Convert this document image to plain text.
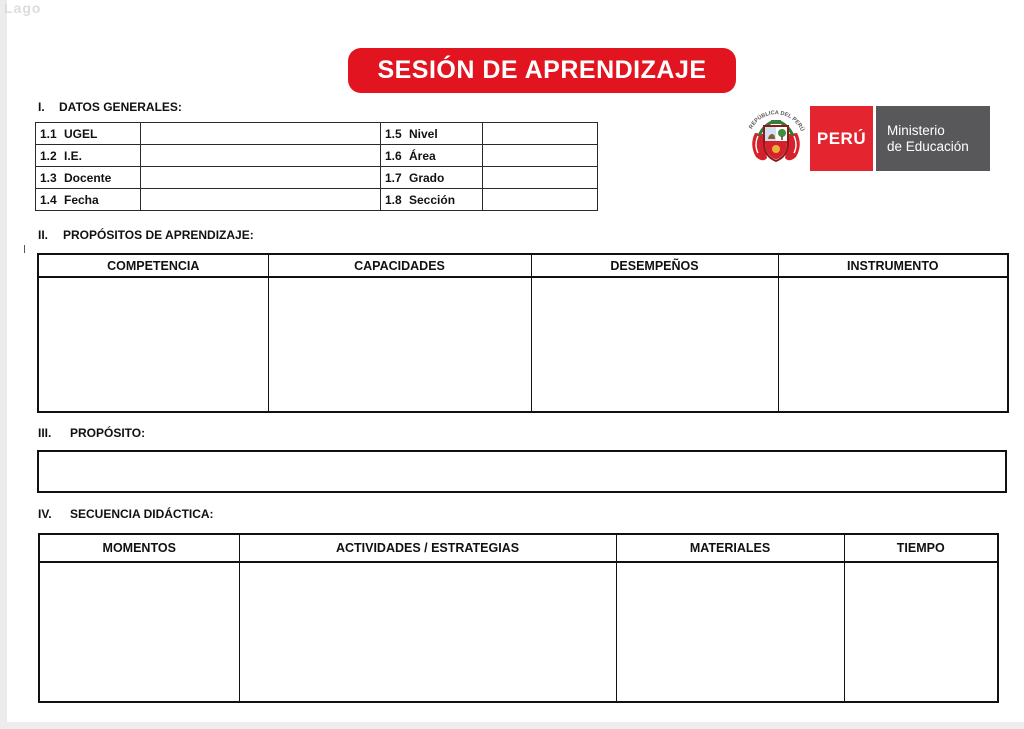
Lago
SESIÓN DE APRENDIZAJE
REPÚBLICA DEL PERÚ PERÚ Ministerio
de Educación
I. DATOS GENERALES:
1.1 UGEL		1.5 Nivel	
1.2 I.E.		1.6 Área	
1.3 Docente		1.7 Grado	
1.4 Fecha		1.8 Sección	
II. PROPÓSITOS DE APRENDIZAJE:
COMPETENCIA	CAPACIDADES	DESEMPEÑOS	INSTRUMENTO

III. PROPÓSITO:
IV. SECUENCIA DIDÁCTICA:
MOMENTOS	ACTIVIDADES / ESTRATEGIAS	MATERIALES	TIEMPO
